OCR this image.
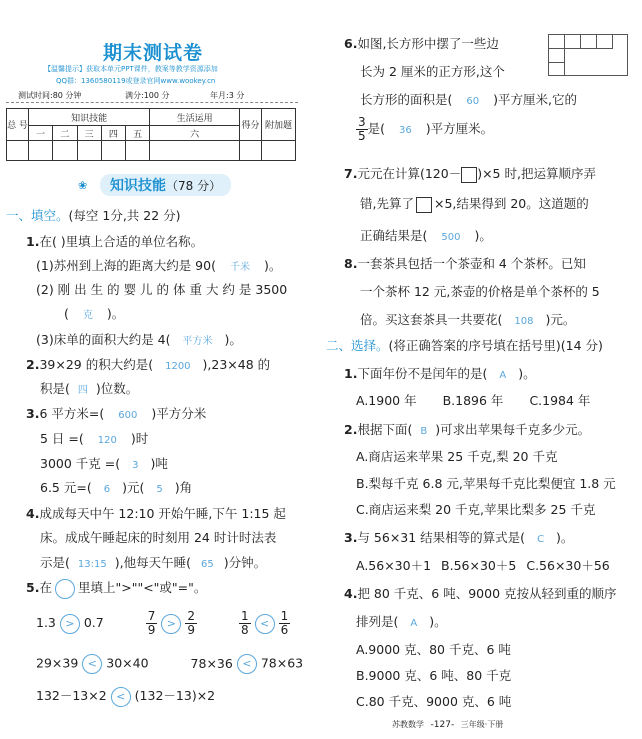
期末测试卷
【温馨提示】获取本单元PPT课件，教案等教学资源添加
QQ群：1360580119或登录官网www.wookey.cn
测试时间:80 分钟	满分:100 分	年月:3 分
总 号	知识技能					生活运用	得分	附加题
	一	二	三	四	五	六		

❀ 知识技能（78 分）
一、填空。(每空 1分,共 22 分)
1.在( )里填上合适的单位名称。
(1)苏州到上海的距离大约是 90( 千米 )。
(2) 刚 出 生 的 婴 儿 的 体 重 大 约 是 3500
( 克 )。
(3)床单的面积大约是 4( 平方米 )。
2.39×29 的积大约是( 1200 ),23×48 的
积是( 四 )位数。
3.6 平方米=( 600 )平方分米
5 日 =( 120 )时
3000 千克 =( 3 )吨
6.5 元=( 6 )元( 5 )角
4.成成每天中午 12:10 开始午睡,下午 1:15 起
床。成成午睡起床的时刻用 24 时计时法表
示是( 13:15 ),他每天午睡( 65 )分钟。
5.在 里填上">""<"或"="。
1.3 > 0.7	$\frac{7}{9} > \frac{2}{9}$
	$\frac{1}{8} < \frac{1}{6}$
29×39 < 30×40	78×36 < 78×63
132－13×2 < (132－13)×2
6.如图,长方形中摆了一些边
长为 2 厘米的正方形,这个
长方形的面积是( 60 )平方厘米,它的
$\frac{3}{5}$ 是( 36 )平方厘米。
7.元元在计算(120－ )×5 时,把运算顺序弄
错,先算了 ×5,结果得到 20。这道题的
正确结果是( 500 )。
8.一套茶具包括一个茶壶和 4 个茶杯。已知
一个茶杯 12 元,茶壶的价格是单个茶杯的 5
倍。买这套茶具一共要花( 108 )元。
二、选择。(将正确答案的序号填在括号里)(14 分)
1.下面年份不是闰年的是( A )。
A.1900 年 B.1896 年 C.1984 年
2.根据下面( B )可求出苹果每千克多少元。
A.商店运来苹果 25 千克,梨 20 千克
B.梨每千克 6.8 元,苹果每千克比梨便宜 1.8 元
C.商店运来梨 20 千克,苹果比梨多 25 千克
3.与 56×31 结果相等的算式是( C )。
A.56×30＋1 B.56×30＋5 C.56×30＋56
4.把 80 千克、6 吨、9000 克按从轻到重的顺序
排列是( A )。
A.9000 克、80 千克、6 吨
B.9000 克、6 吨、80 千克
C.80 千克、9000 克、6 吨
苏教数学 -127- 三年级·下册
